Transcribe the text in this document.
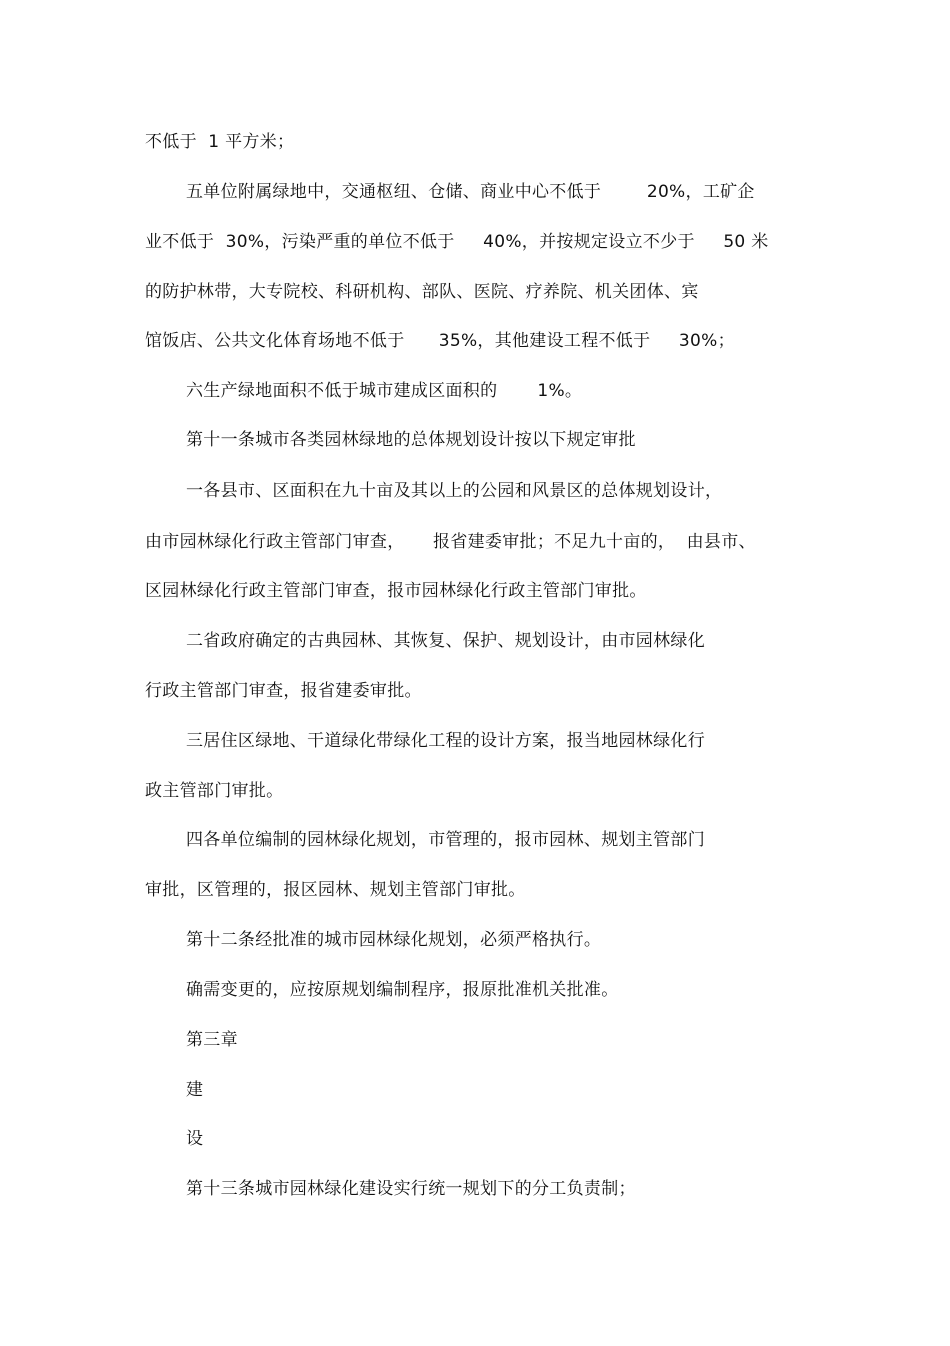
不低于  1 平方米；
五单位附属绿地中，交通枢纽、仓储、商业中心不低于        20%，工矿企
业不低于  30%，污染严重的单位不低于     40%，并按规定设立不少于     50 米
的防护林带，大专院校、科研机构、部队、医院、疗养院、机关团体、宾
馆饭店、公共文化体育场地不低于      35%，其他建设工程不低于     30%；
六生产绿地面积不低于城市建成区面积的       1%。
第十一条城市各类园林绿地的总体规划设计按以下规定审批
一各县市、区面积在九十亩及其以上的公园和风景区的总体规划设计，
由市园林绿化行政主管部门审查，     报省建委审批；不足九十亩的，  由县市、
区园林绿化行政主管部门审查，报市园林绿化行政主管部门审批。
二省政府确定的古典园林、其恢复、保护、规划设计，由市园林绿化
行政主管部门审查，报省建委审批。
三居住区绿地、干道绿化带绿化工程的设计方案，报当地园林绿化行
政主管部门审批。
四各单位编制的园林绿化规划，市管理的，报市园林、规划主管部门
审批，区管理的，报区园林、规划主管部门审批。
第十二条经批准的城市园林绿化规划，必须严格执行。
确需变更的，应按原规划编制程序，报原批准机关批准。
第三章
建
设
第十三条城市园林绿化建设实行统一规划下的分工负责制；
